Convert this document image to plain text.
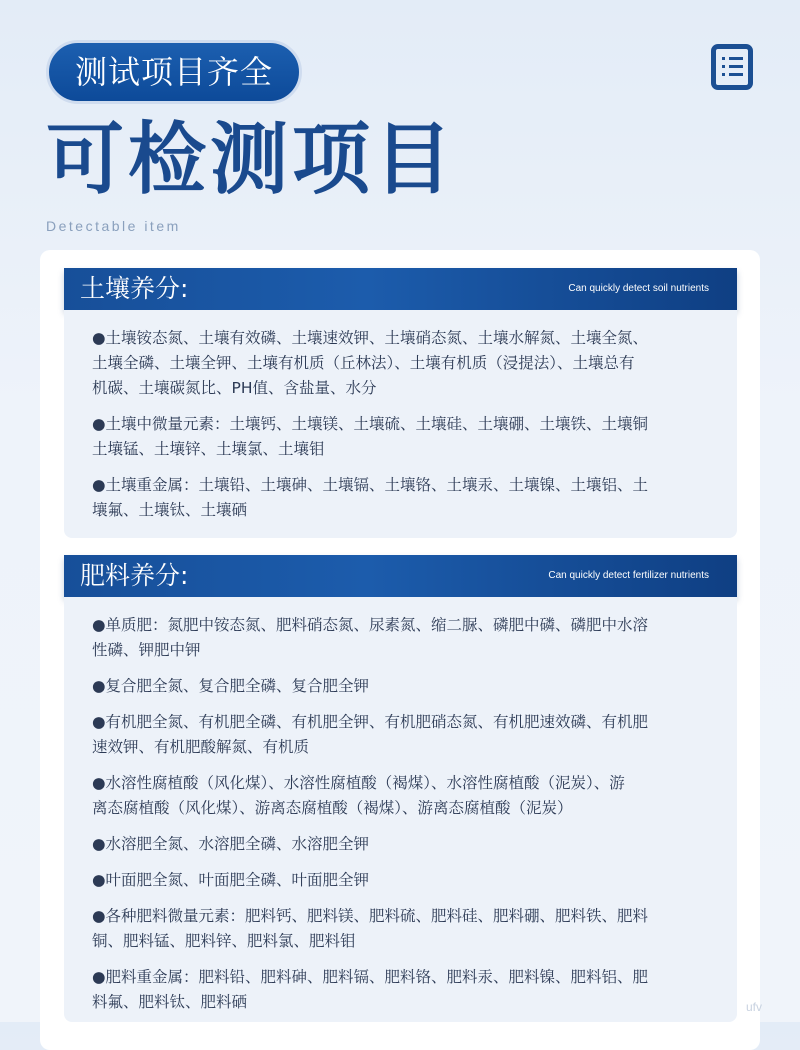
测试项目齐全
可检测项目
Detectable item
土壤养分:	Can quickly detect soil nutrients
●土壤铵态氮、土壤有效磷、土壤速效钾、土壤硝态氮、土壤水解氮、土壤全氮、
土壤全磷、土壤全钾、土壤有机质（丘林法）、土壤有机质（浸提法）、土壤总有
机碳、土壤碳氮比、PH值、含盐量、水分
●土壤中微量元素：土壤钙、土壤镁、土壤硫、土壤硅、土壤硼、土壤铁、土壤铜
土壤锰、土壤锌、土壤氯、土壤钼
●土壤重金属：土壤铅、土壤砷、土壤镉、土壤铬、土壤汞、土壤镍、土壤铝、土
壤氟、土壤钛、土壤硒
肥料养分:	Can quickly detect fertilizer nutrients
●单质肥：氮肥中铵态氮、肥料硝态氮、尿素氮、缩二脲、磷肥中磷、磷肥中水溶
性磷、钾肥中钾
●复合肥全氮、复合肥全磷、复合肥全钾
●有机肥全氮、有机肥全磷、有机肥全钾、有机肥硝态氮、有机肥速效磷、有机肥
速效钾、有机肥酸解氮、有机质
●水溶性腐植酸（风化煤）、水溶性腐植酸（褐煤）、水溶性腐植酸（泥炭）、游
离态腐植酸（风化煤）、游离态腐植酸（褐煤）、游离态腐植酸（泥炭）
●水溶肥全氮、水溶肥全磷、水溶肥全钾
●叶面肥全氮、叶面肥全磷、叶面肥全钾
●各种肥料微量元素：肥料钙、肥料镁、肥料硫、肥料硅、肥料硼、肥料铁、肥料
铜、肥料锰、肥料锌、肥料氯、肥料钼
●肥料重金属：肥料铅、肥料砷、肥料镉、肥料铬、肥料汞、肥料镍、肥料铝、肥
料氟、肥料钛、肥料硒	ufv
